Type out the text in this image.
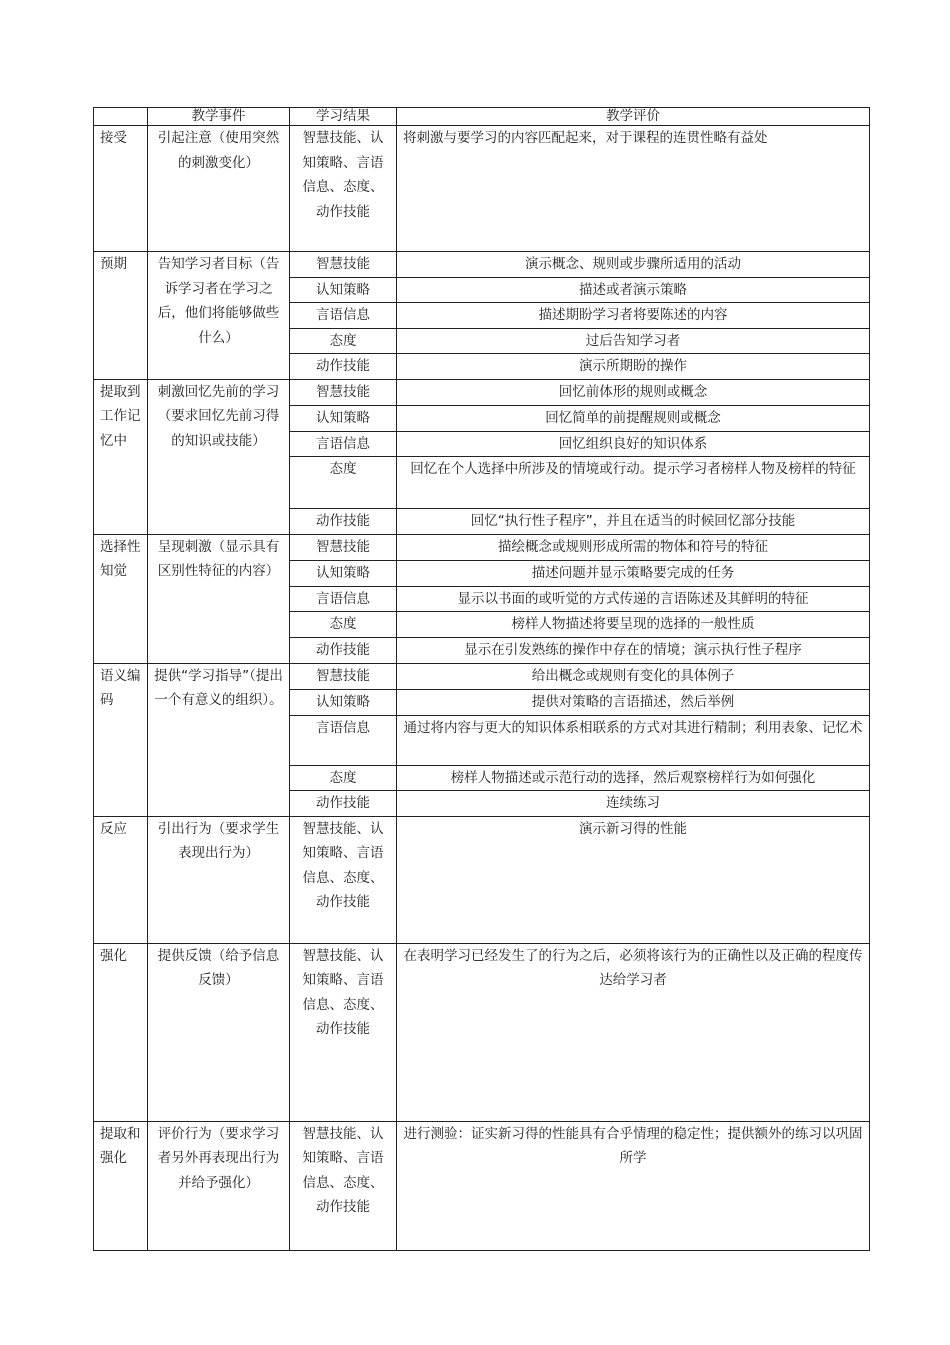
	教学事件	学习结果	教学评价
接受	引起注意（使用突然的刺激变化）	智慧技能、认知策略、言语信息、态度、动作技能	将刺激与要学习的内容匹配起来，对于课程的连贯性略有益处
预期	告知学习者目标（告诉学习者在学习之后，他们将能够做些什么）	智慧技能	演示概念、规则或步骤所适用的活动
		认知策略	描述或者演示策略
		言语信息	描述期盼学习者将要陈述的内容
		态度	过后告知学习者
		动作技能	演示所期盼的操作
提取到工作记忆中	刺激回忆先前的学习（要求回忆先前习得的知识或技能）	智慧技能	回忆前体形的规则或概念
		认知策略	回忆简单的前提醒规则或概念
		言语信息	回忆组织良好的知识体系
		态度	回忆在个人选择中所涉及的情境或行动。提示学习者榜样人物及榜样的特征
		动作技能	回忆“执行性子程序”，并且在适当的时候回忆部分技能
选择性知觉	呈现刺激（显示具有区别性特征的内容）	智慧技能	描绘概念或规则形成所需的物体和符号的特征
		认知策略	描述问题并显示策略要完成的任务
		言语信息	显示以书面的或听觉的方式传递的言语陈述及其鲜明的特征
		态度	榜样人物描述将要呈现的选择的一般性质
		动作技能	显示在引发熟练的操作中存在的情境；演示执行性子程序
语义编码	提供“学习指导”（提出一个有意义的组织）。	智慧技能	给出概念或规则有变化的具体例子
		认知策略	提供对策略的言语描述，然后举例
		言语信息	通过将内容与更大的知识体系相联系的方式对其进行精制；利用表象、记忆术
		态度	榜样人物描述或示范行动的选择，然后观察榜样行为如何强化
		动作技能	连续练习
反应	引出行为（要求学生表现出行为）	智慧技能、认知策略、言语信息、态度、动作技能	演示新习得的性能
强化	提供反馈（给予信息反馈）	智慧技能、认知策略、言语信息、态度、动作技能	在表明学习已经发生了的行为之后，必须将该行为的正确性以及正确的程度传达给学习者
提取和强化	评价行为（要求学习者另外再表现出行为并给予强化）	智慧技能、认知策略、言语信息、态度、动作技能	进行测验：证实新习得的性能具有合乎情理的稳定性；提供额外的练习以巩固所学
